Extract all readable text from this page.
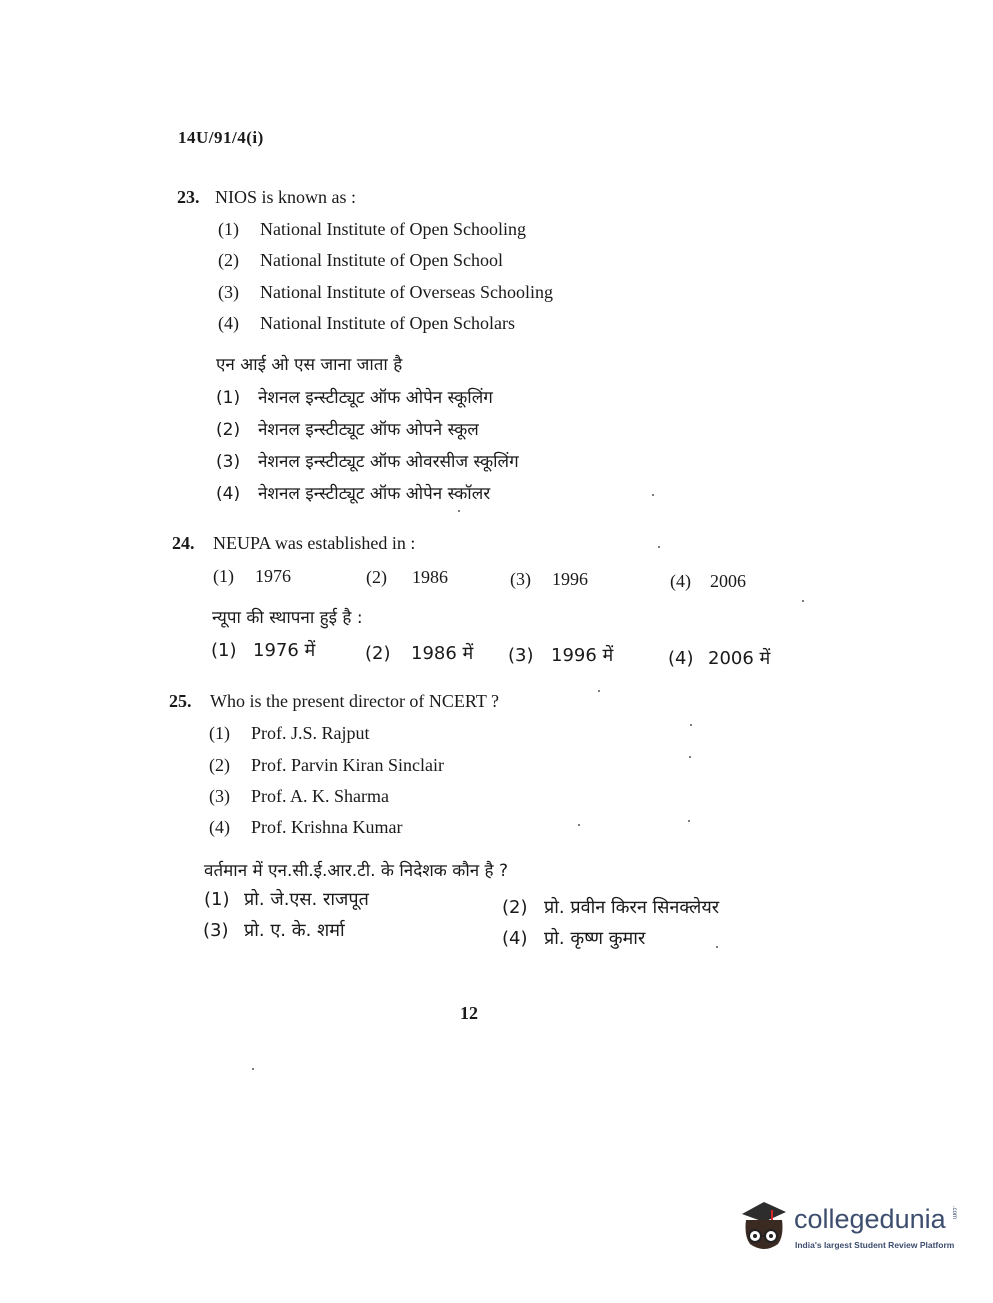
14U/91/4(i)
23. NIOS is known as :
(1) National Institute of Open Schooling
(2) National Institute of Open School
(3) National Institute of Overseas Schooling
(4) National Institute of Open Scholars
एन आई ओ एस जाना जाता है
(1) नेशनल इन्स्टीट्यूट ऑफ ओपेन स्कूलिंग
(2) नेशनल इन्स्टीट्यूट ऑफ ओपने स्कूल
(3) नेशनल इन्स्टीट्यूट ऑफ ओवरसीज स्कूलिंग
(4) नेशनल इन्स्टीट्यूट ऑफ ओपेन स्कॉलर
24. NEUPA was established in :
(1) 1976	(2) 1986	(3) 1996	(4) 2006
न्यूपा की स्थापना हुई है :
(1) 1976 में	(2) 1986 में (3) 1996 में	(4) 2006 में
25. Who is the present director of NCERT ?
(1) Prof. J.S. Rajput
(2) Prof. Parvin Kiran Sinclair
(3) Prof. A. K. Sharma
(4) Prof. Krishna Kumar
वर्तमान में एन.सी.ई.आर.टी. के निदेशक कौन है ?
(1) प्रो. जे.एस. राजपूत	(2) प्रो. प्रवीन किरन सिनक्लेयर
(3) प्रो. ए. के. शर्मा	(4) प्रो. कृष्ण कुमार
12
collegedunia .com
India's largest Student Review Platform
